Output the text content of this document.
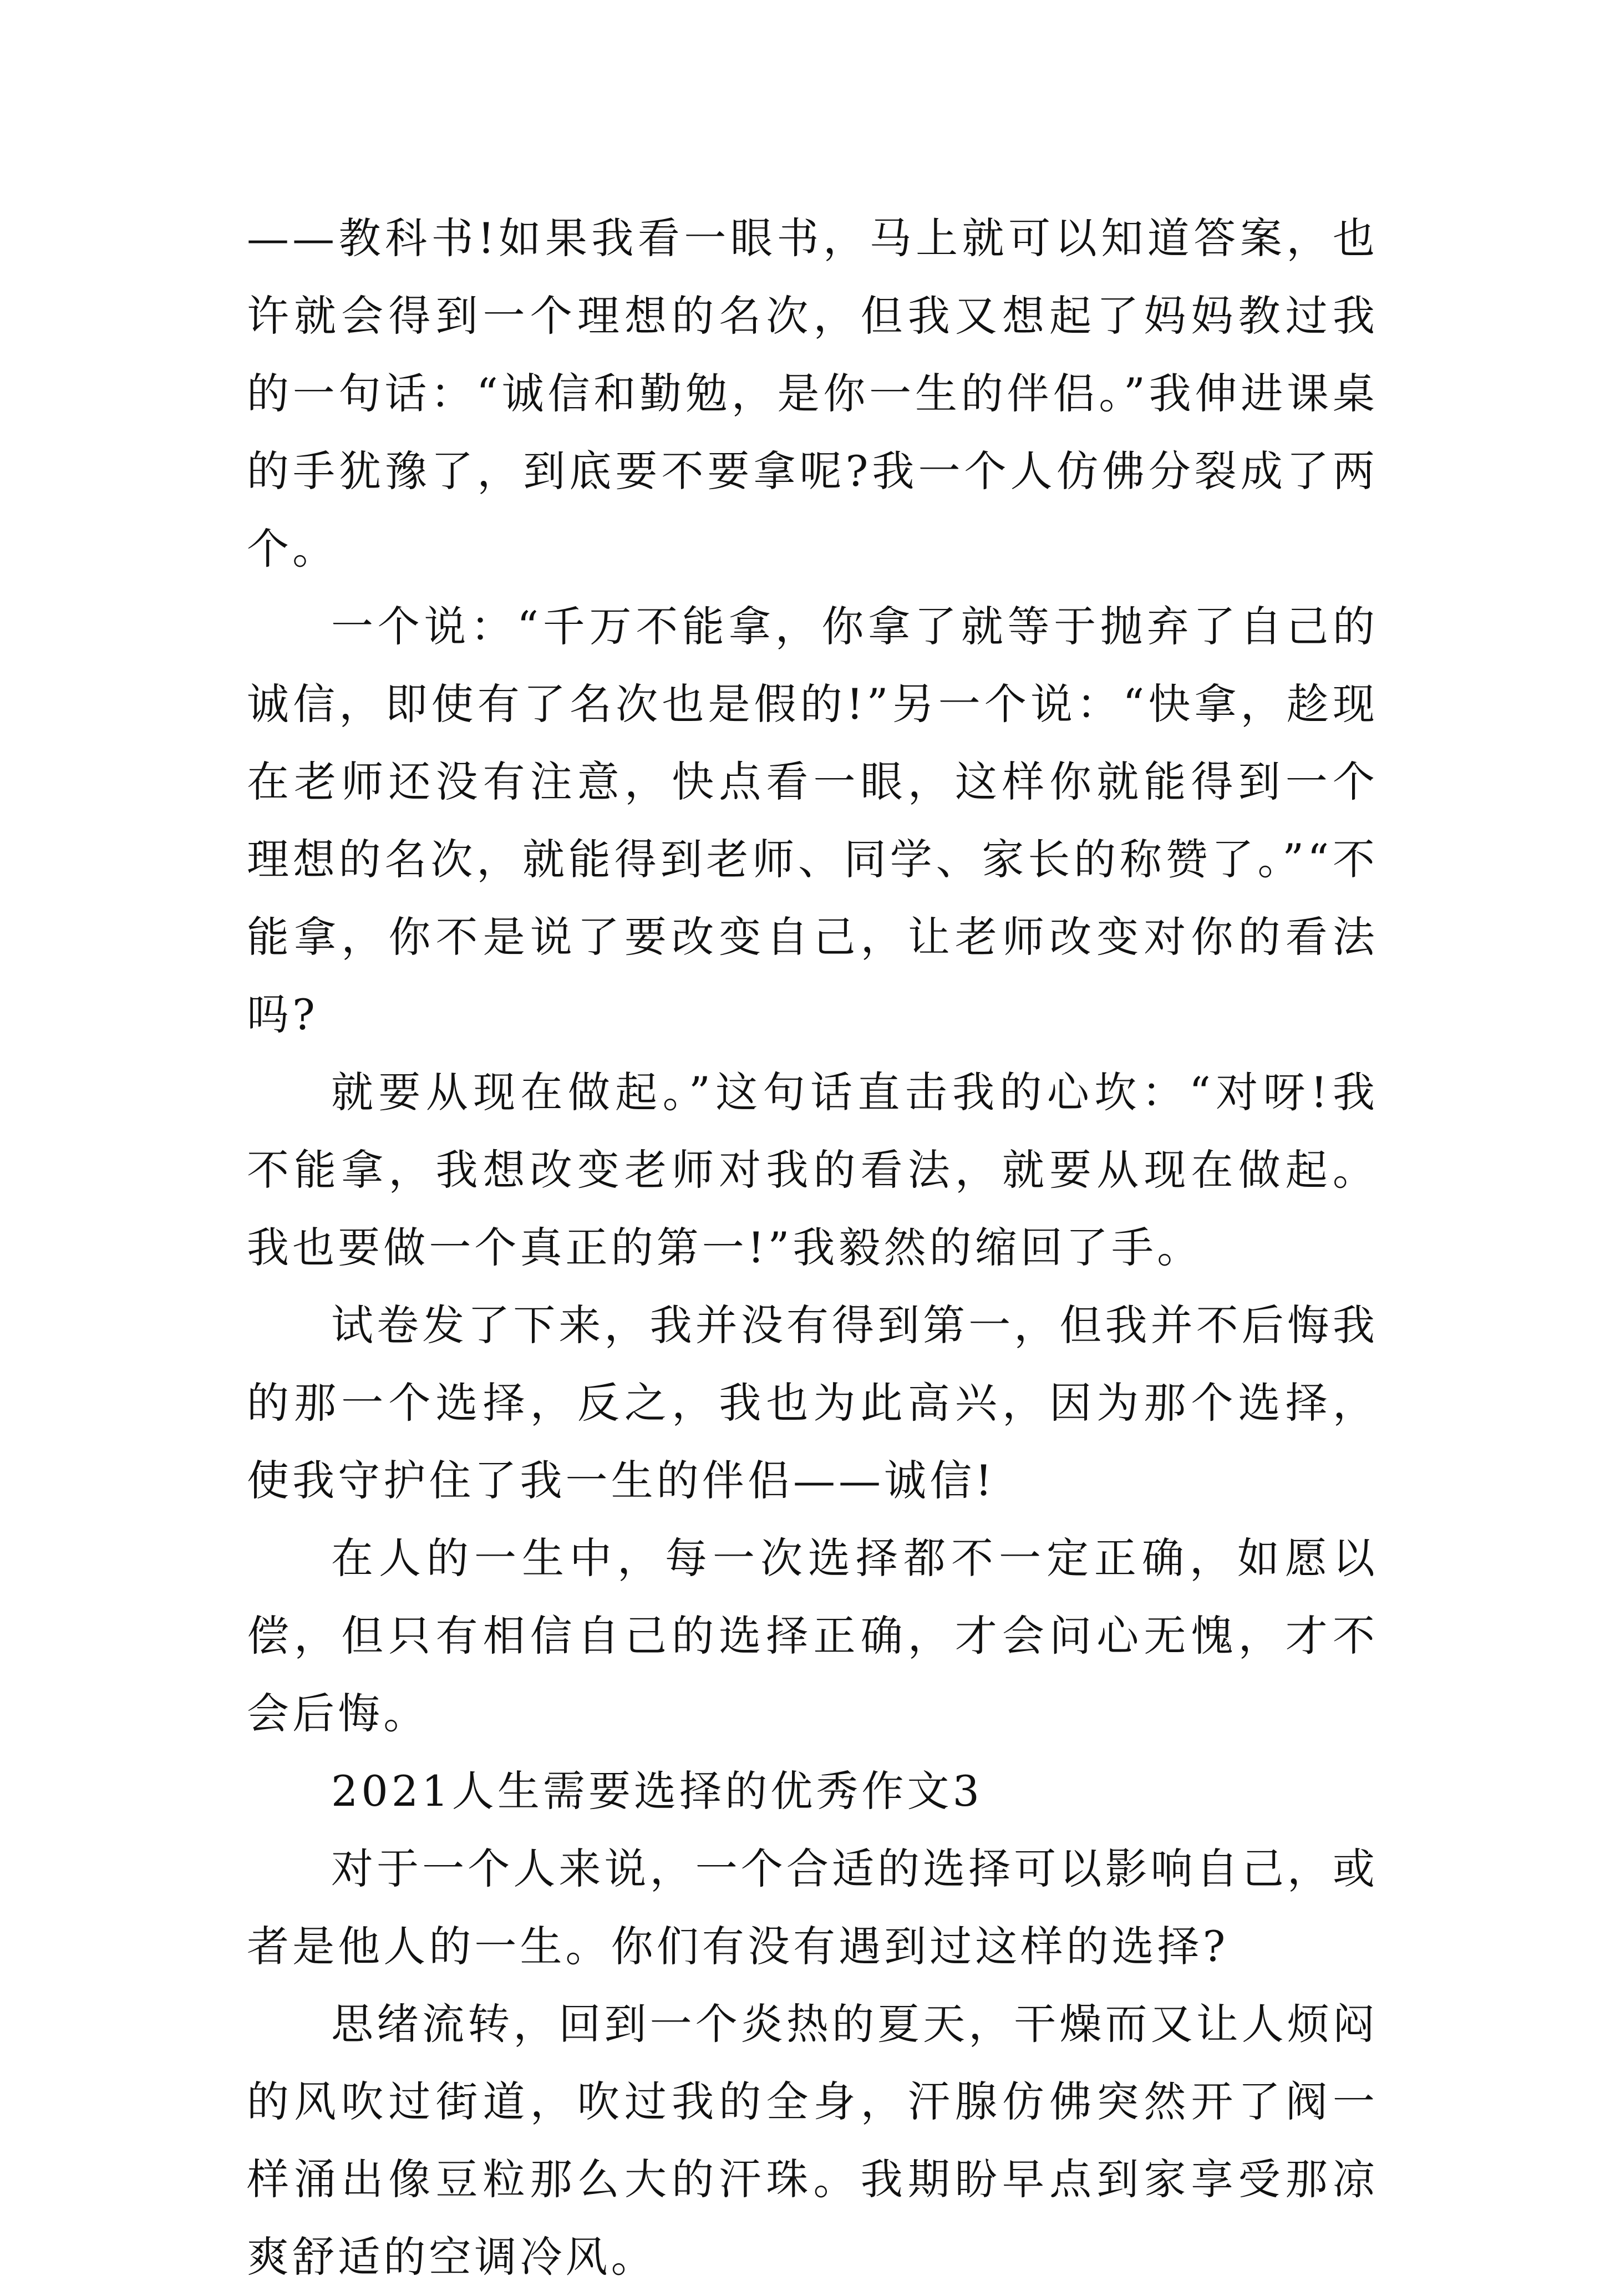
——教科书!如果我看一眼书，马上就可以知道答案，也许就会得到一个理想的名次，但我又想起了妈妈教过我的一句话：“诚信和勤勉，是你一生的伴侣。”我伸进课桌的手犹豫了，到底要不要拿呢?我一个人仿佛分裂成了两个。

一个说：“千万不能拿，你拿了就等于抛弃了自己的诚信，即使有了名次也是假的!”另一个说：“快拿，趁现在老师还没有注意，快点看一眼，这样你就能得到一个理想的名次，就能得到老师、同学、家长的称赞了。”“不能拿，你不是说了要改变自己，让老师改变对你的看法吗?

就要从现在做起。”这句话直击我的心坎：“对呀!我不能拿，我想改变老师对我的看法，就要从现在做起。我也要做一个真正的第一!”我毅然的缩回了手。

试卷发了下来，我并没有得到第一，但我并不后悔我的那一个选择，反之，我也为此高兴，因为那个选择，使我守护住了我一生的伴侣——诚信!

在人的一生中，每一次选择都不一定正确，如愿以偿，但只有相信自己的选择正确，才会问心无愧，才不会后悔。

2021人生需要选择的优秀作文3

对于一个人来说，一个合适的选择可以影响自己，或者是他人的一生。你们有没有遇到过这样的选择?

思绪流转，回到一个炎热的夏天，干燥而又让人烦闷的风吹过街道，吹过我的全身，汗腺仿佛突然开了阀一样涌出像豆粒那么大的汗珠。我期盼早点到家享受那凉爽舒适的空调冷风。
